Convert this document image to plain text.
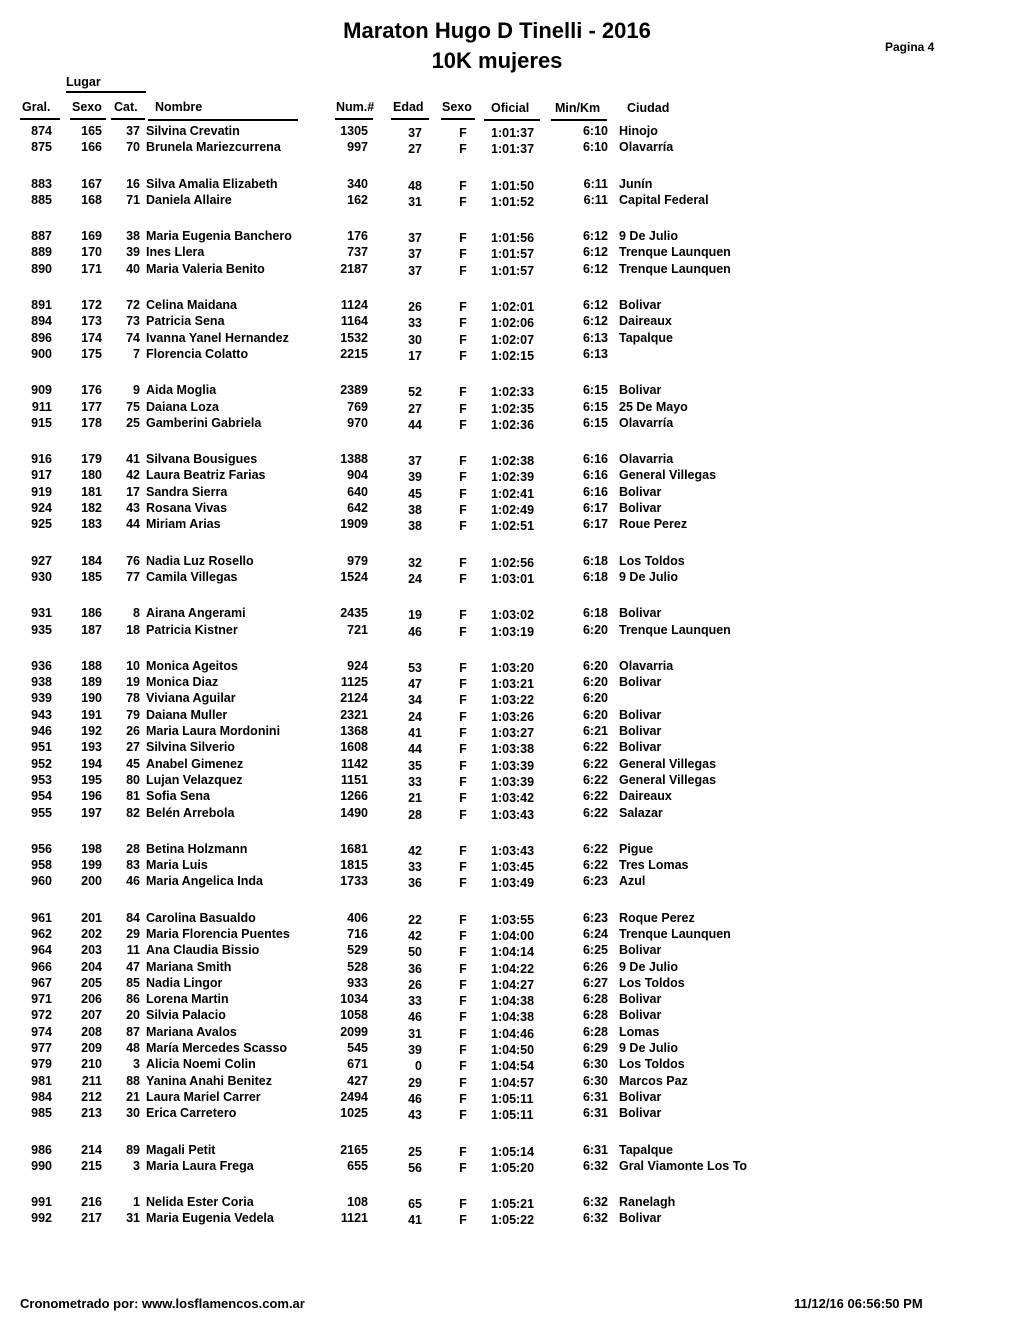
Maraton Hugo D Tinelli - 2016
10K mujeres
Pagina 4
Lugar
Gral. Sexo Cat. Nombre	Num.# Edad Sexo Oficial Min/Km Ciudad
874 165	37 Silvina Crevatin	1305	37	F 1:01:37	6:10 Hinojo
875 166	70 Brunela Mariezcurrena	997	27	F 1:01:37	6:10 Olavarría
883 167	16 Silva Amalia Elizabeth	340	48	F 1:01:50	6:11 Junín
885 168	71 Daniela Allaire	162	31	F 1:01:52	6:11 Capital Federal
887 169	38 Maria Eugenia Banchero	176	37	F 1:01:56	6:12 9 De Julio
889 170	39 Ines Llera	737	37	F 1:01:57	6:12 Trenque Launquen
890 171	40 Maria Valeria Benito	2187	37	F 1:01:57	6:12 Trenque Launquen
891 172	72 Celina Maidana	1124	26	F 1:02:01	6:12 Bolivar
894 173	73 Patricia Sena	1164	33	F 1:02:06	6:12 Daireaux
896 174	74 Ivanna Yanel Hernandez	1532	30	F 1:02:07	6:13 Tapalque
900 175	7 Florencia Colatto	2215	17	F 1:02:15	6:13
909 176	9 Aida Moglia	2389	52	F 1:02:33	6:15 Bolivar
911 177	75 Daiana Loza	769	27	F 1:02:35	6:15 25 De Mayo
915 178	25 Gamberini Gabriela	970	44	F 1:02:36	6:15 Olavarría
916 179	41 Silvana Bousigues	1388	37	F 1:02:38	6:16 Olavarria
917 180	42 Laura Beatriz Farias	904	39	F 1:02:39	6:16 General Villegas
919 181	17 Sandra Sierra	640	45	F 1:02:41	6:16 Bolivar
924 182	43 Rosana Vivas	642	38	F 1:02:49	6:17 Bolivar
925 183	44 Miriam Arias	1909	38	F 1:02:51	6:17 Roue Perez
927 184	76 Nadia Luz Rosello	979	32	F 1:02:56	6:18 Los Toldos
930 185	77 Camila Villegas	1524	24	F 1:03:01	6:18 9 De Julio
931 186	8 Airana Angerami	2435	19	F 1:03:02	6:18 Bolivar
935 187	18 Patricia Kistner	721	46	F 1:03:19	6:20 Trenque Launquen
936 188	10 Monica Ageitos	924	53	F 1:03:20	6:20 Olavarria
938 189	19 Monica Diaz	1125	47	F 1:03:21	6:20 Bolivar
939 190	78 Viviana Aguilar	2124	34	F 1:03:22	6:20
943 191	79 Daiana Muller	2321	24	F 1:03:26	6:20 Bolivar
946 192	26 Maria Laura Mordonini	1368	41	F 1:03:27	6:21 Bolivar
951 193	27 Silvina Silverio	1608	44	F 1:03:38	6:22 Bolivar
952 194	45 Anabel Gimenez	1142	35	F 1:03:39	6:22 General Villegas
953 195	80 Lujan Velazquez	1151	33	F 1:03:39	6:22 General Villegas
954 196	81 Sofia Sena	1266	21	F 1:03:42	6:22 Daireaux
955 197	82 Belén Arrebola	1490	28	F 1:03:43	6:22 Salazar
956 198	28 Betina Holzmann	1681	42	F 1:03:43	6:22 Pigue
958 199	83 Maria Luis	1815	33	F 1:03:45	6:22 Tres Lomas
960 200	46 Maria Angelica Inda	1733	36	F 1:03:49	6:23 Azul
961 201	84 Carolina Basualdo	406	22	F 1:03:55	6:23 Roque Perez
962 202	29 Maria Florencia Puentes	716	42	F 1:04:00	6:24 Trenque Launquen
964 203	11 Ana Claudia Bissio	529	50	F 1:04:14	6:25 Bolivar
966 204	47 Mariana Smith	528	36	F 1:04:22	6:26 9 De Julio
967 205	85 Nadia Lingor	933	26	F 1:04:27	6:27 Los Toldos
971 206	86 Lorena Martin	1034	33	F 1:04:38	6:28 Bolivar
972 207	20 Silvia Palacio	1058	46	F 1:04:38	6:28 Bolivar
974 208	87 Mariana Avalos	2099	31	F 1:04:46	6:28 Lomas
977 209	48 María Mercedes Scasso	545	39	F 1:04:50	6:29 9 De Julio
979 210	3 Alicia Noemi Colin	671	0	F 1:04:54	6:30 Los Toldos
981	211	88 Yanina Anahi Benitez	427	29	F 1:04:57	6:30 Marcos Paz
984 212	21 Laura Mariel Carrer	2494	46	F 1:05:11	6:31 Bolivar
985 213	30 Erica Carretero	1025	43	F 1:05:11	6:31 Bolivar
986 214	89 Magali Petit	2165	25	F 1:05:14	6:31 Tapalque
990 215	3 Maria Laura Frega	655	56	F 1:05:20	6:32 Gral Viamonte Los To
991 216	1 Nelida Ester Coria	108	65	F 1:05:21	6:32 Ranelagh
992 217	31 Maria Eugenia Vedela	1121	41	F 1:05:22	6:32 Bolivar
Cronometrado por: www.losflamencos.com.ar	11/12/16 06:56:50 PM
